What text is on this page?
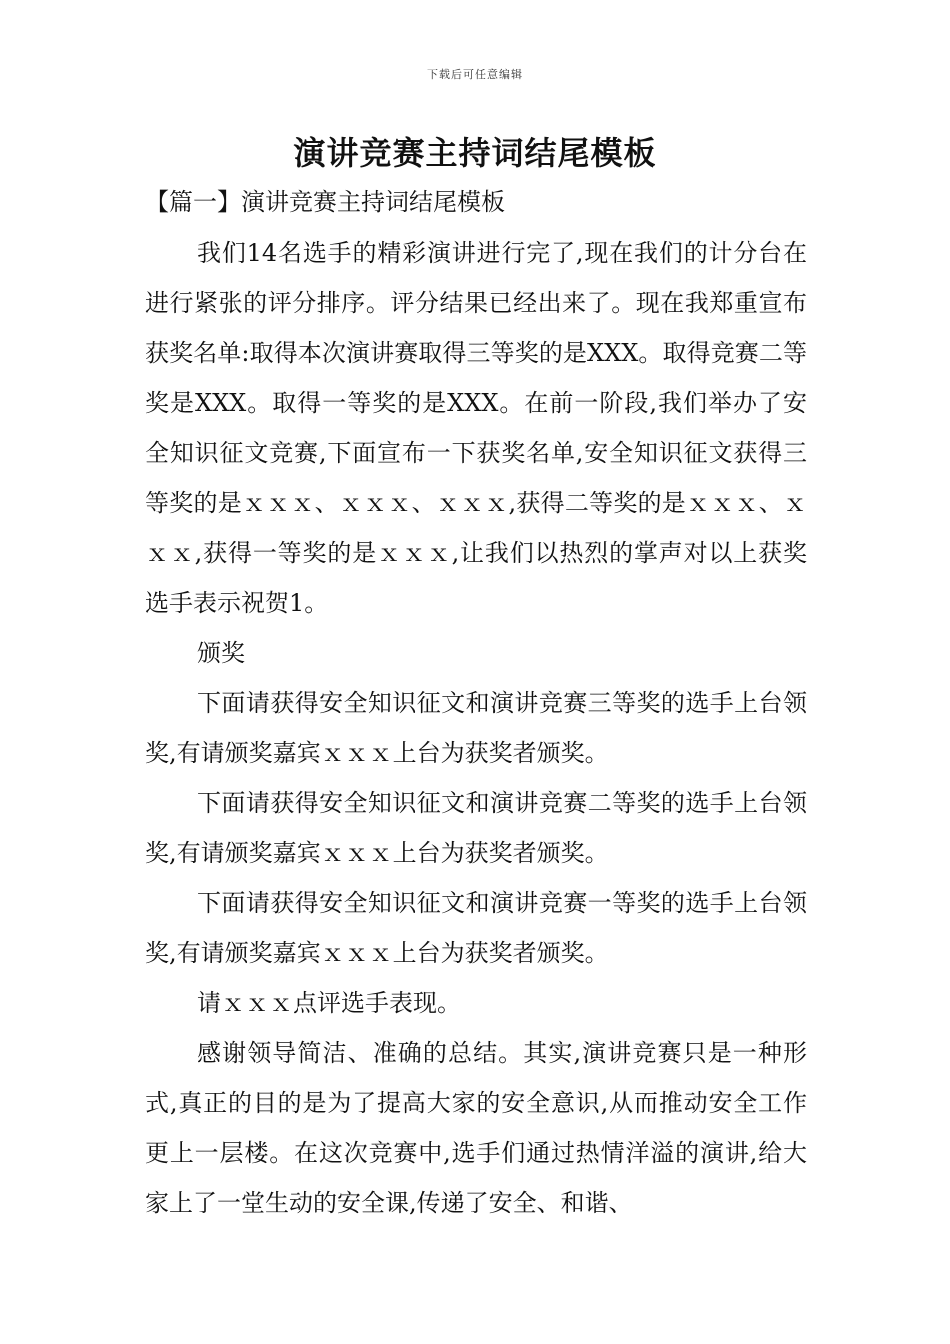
下载后可任意编辑
演讲竞赛主持词结尾模板
【篇一】演讲竞赛主持词结尾模板

我们14名选手的精彩演讲进行完了,现在我们的计分台在进行紧张的评分排序。评分结果已经出来了。现在我郑重宣布获奖名单:取得本次演讲赛取得三等奖的是XXX。取得竞赛二等奖是XXX。取得一等奖的是XXX。在前一阶段,我们举办了安全知识征文竞赛,下面宣布一下获奖名单,安全知识征文获得三等奖的是ｘｘｘ、ｘｘｘ、ｘｘｘ,获得二等奖的是ｘｘｘ、ｘｘｘ,获得一等奖的是ｘｘｘ,让我们以热烈的掌声对以上获奖选手表示祝贺1。

颁奖

下面请获得安全知识征文和演讲竞赛三等奖的选手上台领奖,有请颁奖嘉宾ｘｘｘ上台为获奖者颁奖。

下面请获得安全知识征文和演讲竞赛二等奖的选手上台领奖,有请颁奖嘉宾ｘｘｘ上台为获奖者颁奖。

下面请获得安全知识征文和演讲竞赛一等奖的选手上台领奖,有请颁奖嘉宾ｘｘｘ上台为获奖者颁奖。

请ｘｘｘ点评选手表现。

感谢领导简洁、准确的总结。其实,演讲竞赛只是一种形式,真正的目的是为了提高大家的安全意识,从而推动安全工作更上一层楼。在这次竞赛中,选手们通过热情洋溢的演讲,给大家上了一堂生动的安全课,传递了安全、和谐、
